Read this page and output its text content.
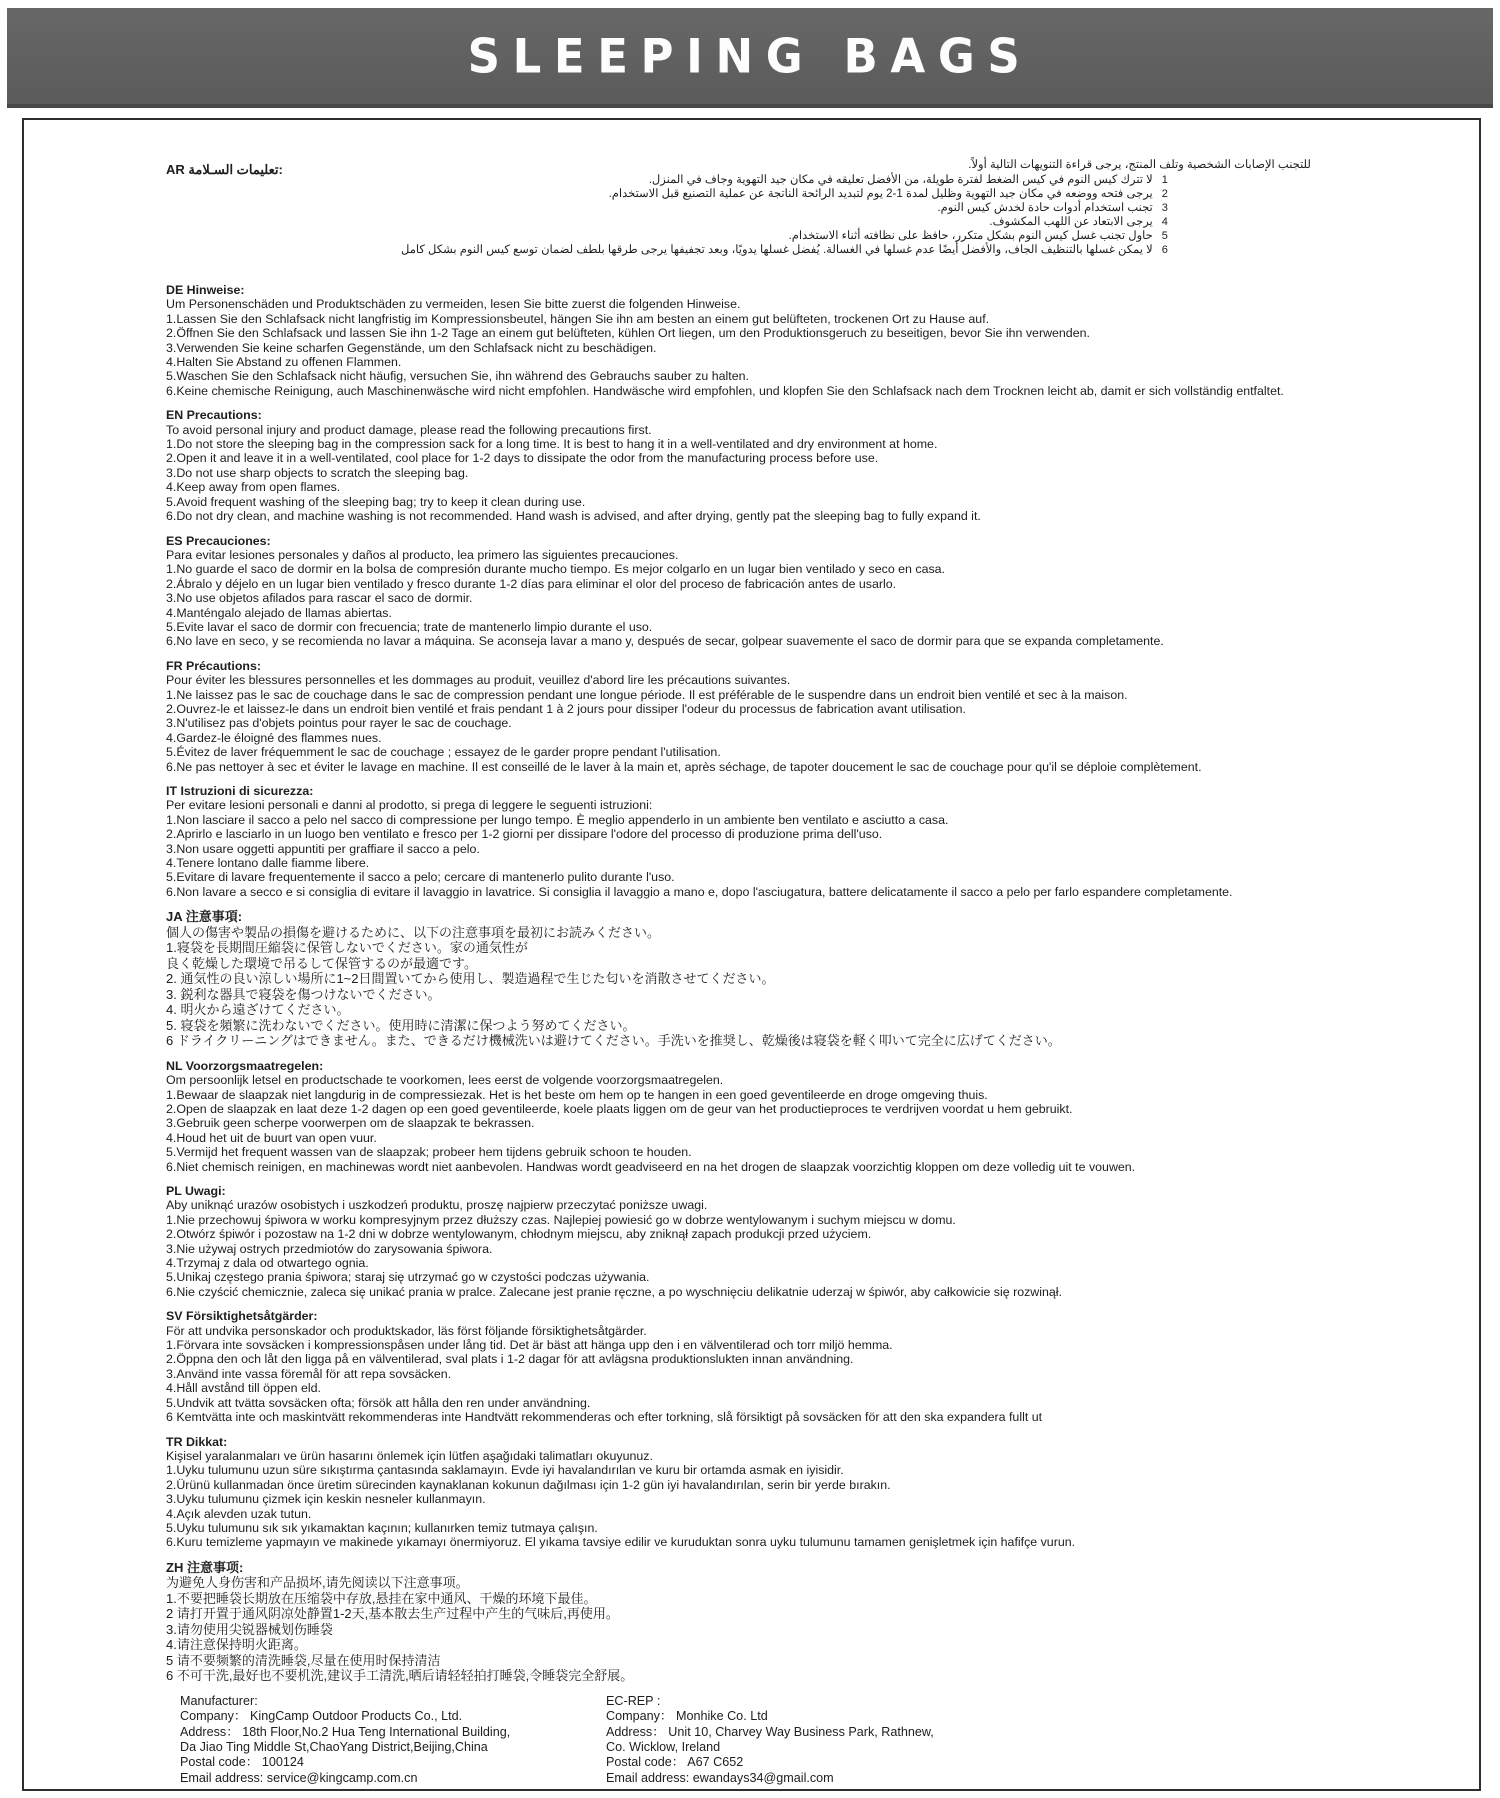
SLEEPING BAGS
AR تعليمات السـلامة:	للتجنب الإصابات الشخصية وتلف المنتج، يرجى قراءة التنويهات التالية أولاً.
1
لا تترك كيس النوم في كيس الضغط لفترة طويلة، من الأفضل تعليقه في مكان جيد التهوية وجاف في المنزل.
2
يرجى فتحه ووضعه في مكان جيد التهوية وظليل لمدة 1-2 يوم لتبديد الرائحة الناتجة عن عملية التصنيع قبل الاستخدام.
3
تجنب استخدام أدوات حادة لخدش كيس النوم.
4
يرجى الابتعاد عن اللهب المكشوف.
5
حاول تجنب غسل كيس النوم بشكل متكرر، حافظ على نظافته أثناء الاستخدام.
6
لا يمكن غسلها بالتنظيف الجاف، والأفضل أيضًا عدم غسلها في الغسالة. يُفضل غسلها يدويًا، وبعد تجفيفها يرجى طرقها بلطف لضمان توسع كيس النوم بشكل كامل
DE Hinweise:
Um Personenschäden und Produktschäden zu vermeiden, lesen Sie bitte zuerst die folgenden Hinweise.
1.Lassen Sie den Schlafsack nicht langfristig im Kompressionsbeutel, hängen Sie ihn am besten an einem gut belüfteten, trockenen Ort zu Hause auf.
2.Öffnen Sie den Schlafsack und lassen Sie ihn 1-2 Tage an einem gut belüfteten, kühlen Ort liegen, um den Produktionsgeruch zu beseitigen, bevor Sie ihn verwenden.
3.Verwenden Sie keine scharfen Gegenstände, um den Schlafsack nicht zu beschädigen.
4.Halten Sie Abstand zu offenen Flammen.
5.Waschen Sie den Schlafsack nicht häufig, versuchen Sie, ihn während des Gebrauchs sauber zu halten.
6.Keine chemische Reinigung, auch Maschinenwäsche wird nicht empfohlen. Handwäsche wird empfohlen, und klopfen Sie den Schlafsack nach dem Trocknen leicht ab, damit er sich vollständig entfaltet.
EN Precautions:
To avoid personal injury and product damage, please read the following precautions first.
1.Do not store the sleeping bag in the compression sack for a long time. It is best to hang it in a well-ventilated and dry environment at home.
2.Open it and leave it in a well-ventilated, cool place for 1-2 days to dissipate the odor from the manufacturing process before use.
3.Do not use sharp objects to scratch the sleeping bag.
4.Keep away from open flames.
5.Avoid frequent washing of the sleeping bag; try to keep it clean during use.
6.Do not dry clean, and machine washing is not recommended. Hand wash is advised, and after drying, gently pat the sleeping bag to fully expand it.
ES Precauciones:
Para evitar lesiones personales y daños al producto, lea primero las siguientes precauciones.
1.No guarde el saco de dormir en la bolsa de compresión durante mucho tiempo. Es mejor colgarlo en un lugar bien ventilado y seco en casa.
2.Ábralo y déjelo en un lugar bien ventilado y fresco durante 1-2 días para eliminar el olor del proceso de fabricación antes de usarlo.
3.No use objetos afilados para rascar el saco de dormir.
4.Manténgalo alejado de llamas abiertas.
5.Evite lavar el saco de dormir con frecuencia; trate de mantenerlo limpio durante el uso.
6.No lave en seco, y se recomienda no lavar a máquina. Se aconseja lavar a mano y, después de secar, golpear suavemente el saco de dormir para que se expanda completamente.
FR Précautions:
Pour éviter les blessures personnelles et les dommages au produit, veuillez d'abord lire les précautions suivantes.
1.Ne laissez pas le sac de couchage dans le sac de compression pendant une longue période. Il est préférable de le suspendre dans un endroit bien ventilé et sec à la maison.
2.Ouvrez-le et laissez-le dans un endroit bien ventilé et frais pendant 1 à 2 jours pour dissiper l'odeur du processus de fabrication avant utilisation.
3.N'utilisez pas d'objets pointus pour rayer le sac de couchage.
4.Gardez-le éloigné des flammes nues.
5.Évitez de laver fréquemment le sac de couchage ; essayez de le garder propre pendant l'utilisation.
6.Ne pas nettoyer à sec et éviter le lavage en machine. Il est conseillé de le laver à la main et, après séchage, de tapoter doucement le sac de couchage pour qu'il se déploie complètement.
IT Istruzioni di sicurezza:
Per evitare lesioni personali e danni al prodotto, si prega di leggere le seguenti istruzioni:
1.Non lasciare il sacco a pelo nel sacco di compressione per lungo tempo. È meglio appenderlo in un ambiente ben ventilato e asciutto a casa.
2.Aprirlo e lasciarlo in un luogo ben ventilato e fresco per 1-2 giorni per dissipare l'odore del processo di produzione prima dell'uso.
3.Non usare oggetti appuntiti per graffiare il sacco a pelo.
4.Tenere lontano dalle fiamme libere.
5.Evitare di lavare frequentemente il sacco a pelo; cercare di mantenerlo pulito durante l'uso.
6.Non lavare a secco e si consiglia di evitare il lavaggio in lavatrice. Si consiglia il lavaggio a mano e, dopo l'asciugatura, battere delicatamente il sacco a pelo per farlo espandere completamente.
JA 注意事項:
個人の傷害や製品の損傷を避けるために、以下の注意事項を最初にお読みください。
1.寝袋を長期間圧縮袋に保管しないでください。家の通気性が
良く乾燥した環境で吊るして保管するのが最適です。
2. 通気性の良い涼しい場所に1~2日間置いてから使用し、製造過程で生じた匂いを消散させてください。
3. 鋭利な器具で寝袋を傷つけないでください。
4. 明火から遠ざけてください。
5. 寝袋を頻繁に洗わないでください。使用時に清潔に保つよう努めてください。
6 ドライクリーニングはできません。また、できるだけ機械洗いは避けてください。手洗いを推奨し、乾燥後は寝袋を軽く叩いて完全に広げてください。
NL Voorzorgsmaatregelen:
Om persoonlijk letsel en productschade te voorkomen, lees eerst de volgende voorzorgsmaatregelen.
1.Bewaar de slaapzak niet langdurig in de compressiezak. Het is het beste om hem op te hangen in een goed geventileerde en droge omgeving thuis.
2.Open de slaapzak en laat deze 1-2 dagen op een goed geventileerde, koele plaats liggen om de geur van het productieproces te verdrijven voordat u hem gebruikt.
3.Gebruik geen scherpe voorwerpen om de slaapzak te bekrassen.
4.Houd het uit de buurt van open vuur.
5.Vermijd het frequent wassen van de slaapzak; probeer hem tijdens gebruik schoon te houden.
6.Niet chemisch reinigen, en machinewas wordt niet aanbevolen. Handwas wordt geadviseerd en na het drogen de slaapzak voorzichtig kloppen om deze volledig uit te vouwen.
PL Uwagi:
Aby uniknąć urazów osobistych i uszkodzeń produktu, proszę najpierw przeczytać poniższe uwagi.
1.Nie przechowuj śpiwora w worku kompresyjnym przez dłuższy czas. Najlepiej powiesić go w dobrze wentylowanym i suchym miejscu w domu.
2.Otwórz śpiwór i pozostaw na 1-2 dni w dobrze wentylowanym, chłodnym miejscu, aby zniknął zapach produkcji przed użyciem.
3.Nie używaj ostrych przedmiotów do zarysowania śpiwora.
4.Trzymaj z dala od otwartego ognia.
5.Unikaj częstego prania śpiwora; staraj się utrzymać go w czystości podczas używania.
6.Nie czyścić chemicznie, zaleca się unikać prania w pralce. Zalecane jest pranie ręczne, a po wyschnięciu delikatnie uderzaj w śpiwór, aby całkowicie się rozwinął.
SV Försiktighetsåtgärder:
För att undvika personskador och produktskador, läs först följande försiktighetsåtgärder.
1.Förvara inte sovsäcken i kompressionspåsen under lång tid. Det är bäst att hänga upp den i en välventilerad och torr miljö hemma.
2.Öppna den och låt den ligga på en välventilerad, sval plats i 1-2 dagar för att avlägsna produktionslukten innan användning.
3.Använd inte vassa föremål för att repa sovsäcken.
4.Håll avstånd till öppen eld.
5.Undvik att tvätta sovsäcken ofta; försök att hålla den ren under användning.
6 Kemtvätta inte och maskintvätt rekommenderas inte Handtvätt rekommenderas och efter torkning, slå försiktigt på sovsäcken för att den ska expandera fullt ut
TR Dikkat:
Kişisel yaralanmaları ve ürün hasarını önlemek için lütfen aşağıdaki talimatları okuyunuz.
1.Uyku tulumunu uzun süre sıkıştırma çantasında saklamayın. Evde iyi havalandırılan ve kuru bir ortamda asmak en iyisidir.
2.Ürünü kullanmadan önce üretim sürecinden kaynaklanan kokunun dağılması için 1-2 gün iyi havalandırılan, serin bir yerde bırakın.
3.Uyku tulumunu çizmek için keskin nesneler kullanmayın.
4.Açık alevden uzak tutun.
5.Uyku tulumunu sık sık yıkamaktan kaçının; kullanırken temiz tutmaya çalışın.
6.Kuru temizleme yapmayın ve makinede yıkamayı önermiyoruz. El yıkama tavsiye edilir ve kuruduktan sonra uyku tulumunu tamamen genişletmek için hafifçe vurun.
ZH 注意事项:
为避免人身伤害和产品损坏,请先阅读以下注意事项。
1.不要把睡袋长期放在压缩袋中存放,悬挂在家中通风、干燥的环境下最佳。
2 请打开置于通风阴凉处静置1-2天,基本散去生产过程中产生的气味后,再使用。
3.请勿使用尖锐器械划伤睡袋
4.请注意保持明火距离。
5 请不要频繁的清洗睡袋,尽量在使用时保持清洁
6 不可干洗,最好也不要机洗,建议手工清洗,晒后请轻轻拍打睡袋,令睡袋完全舒展。
Manufacturer:
Company： KingCamp Outdoor Products Co., Ltd.
Address： 18th Floor,No.2 Hua Teng International Building,
Da Jiao Ting Middle St,ChaoYang District,Beijing,China
Postal code： 100124
Email address: service@kingcamp.com.cn
EC-REP :
Company： Monhike Co. Ltd
Address： Unit 10, Charvey Way Business Park, Rathnew,
Co. Wicklow, Ireland
Postal code： A67 C652
Email address: ewandays34@gmail.com
